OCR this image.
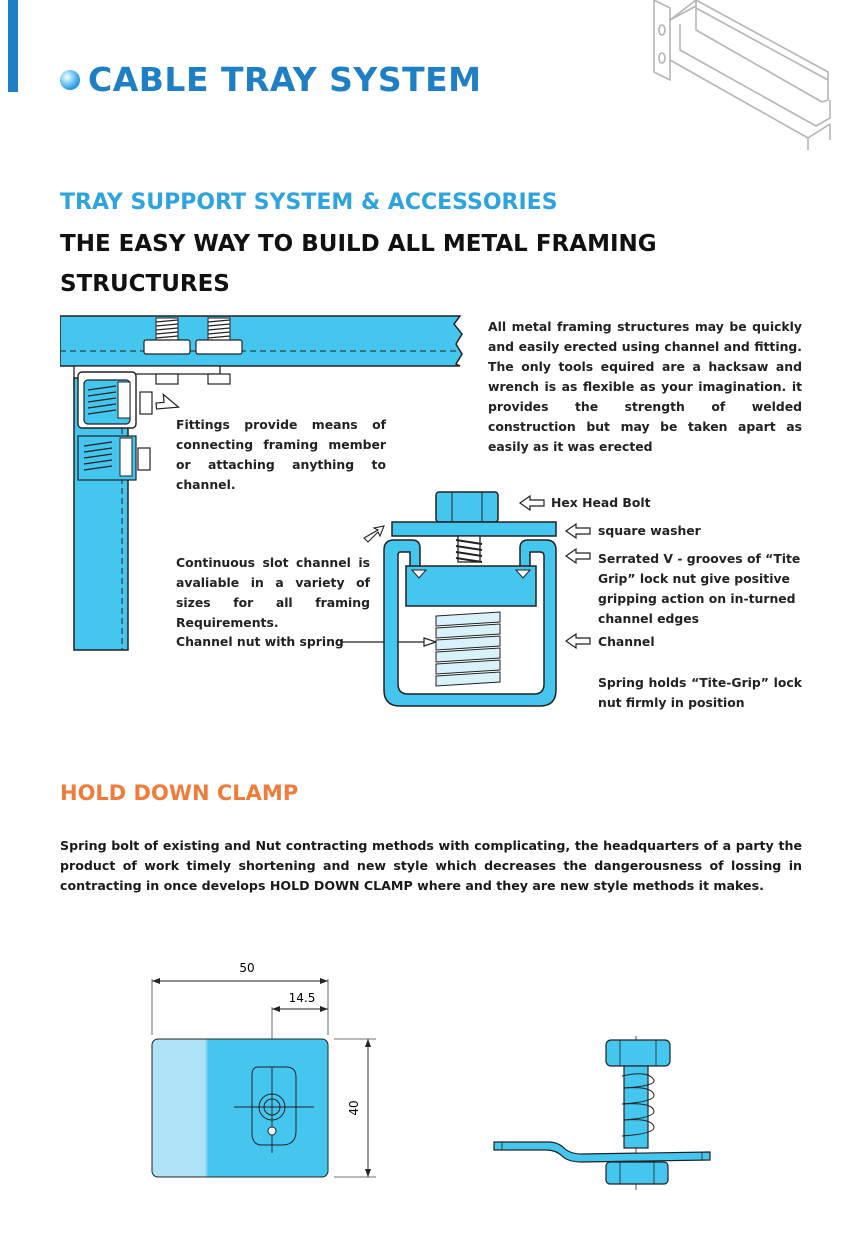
CABLE TRAY SYSTEM
TRAY SUPPORT SYSTEM & ACCESSORIES
THE EASY WAY TO BUILD ALL METAL FRAMING STRUCTURES
Fittings provide means of connecting framing member or attaching anything to channel.
Continuous slot channel is avaliable in a variety of sizes for all framing Requirements.
Channel nut with spring
All metal framing structures may be quickly and easily erected using channel and fitting. The only tools equired are a hacksaw and wrench is as flexible as your imagination. it provides the strength of welded construction but may be taken apart as easily as it was erected
Hex Head Bolt
square washer
Serrated V - grooves of “Tite Grip” lock nut give positive gripping action on in-turned channel edges
Channel
Spring holds “Tite-Grip” lock nut firmly in position
HOLD DOWN CLAMP
Spring bolt of existing and Nut contracting methods with complicating, the headquarters of a party the product of work timely shortening and new style which decreases the dangerousness of lossing in contracting in once develops HOLD DOWN CLAMP where and they are new style methods it makes.
50
14.5
40
